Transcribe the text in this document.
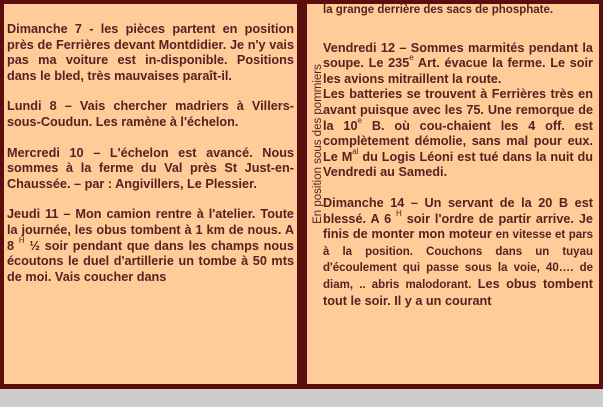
Dimanche 7 - les pièces partent en position près de Ferrières devant Montdidier. Je n'y vais pas ma voiture est in-disponible. Positions dans le bled, très mauvaises paraît-il.

Lundi 8 – Vais chercher madriers à Villers-sous-Coudun. Les ramène à l'échelon.

Mercredi 10 – L'échelon est avancé. Nous sommes à la ferme du Val près St Just-en-Chaussée. – par : Angivillers, Le Plessier.

Jeudi 11 – Mon camion rentre à l'atelier. Toute la journée, les obus tombent à 1 km de nous. A 8 $^H$ ½ soir pendant que dans les champs nous écoutons le duel d'artillerie un tombe à 50 mts de moi. Vais coucher dans

la grange derrière des sacs de phosphate.

Vendredi 12 – Sommes marmités pendant la soupe. Le 235e Art. évacue la ferme. Le soir les avions mitraillent la route.

Les batteries se trouvent à Ferrières très en avant puisque avec les 75. Une remorque de la 10e B. où cou-chaient les 4 off. est complètement démolie, sans mal pour eux. Le $M^{al}$ du Logis Léoni est tué dans la nuit du Vendredi au Samedi.

Dimanche 14 – Un servant de la 20 B est blessé. A 6 $^H$ soir l'ordre de partir arrive. Je finis de monter mon moteur en vitesse et pars à la position. Couchons dans un tuyau d'écoulement qui passe sous la voie, 40…. de diam, .. abris malodorant. Les obus tombent tout le soir. Il y a un courant

En position sous des pommiers
